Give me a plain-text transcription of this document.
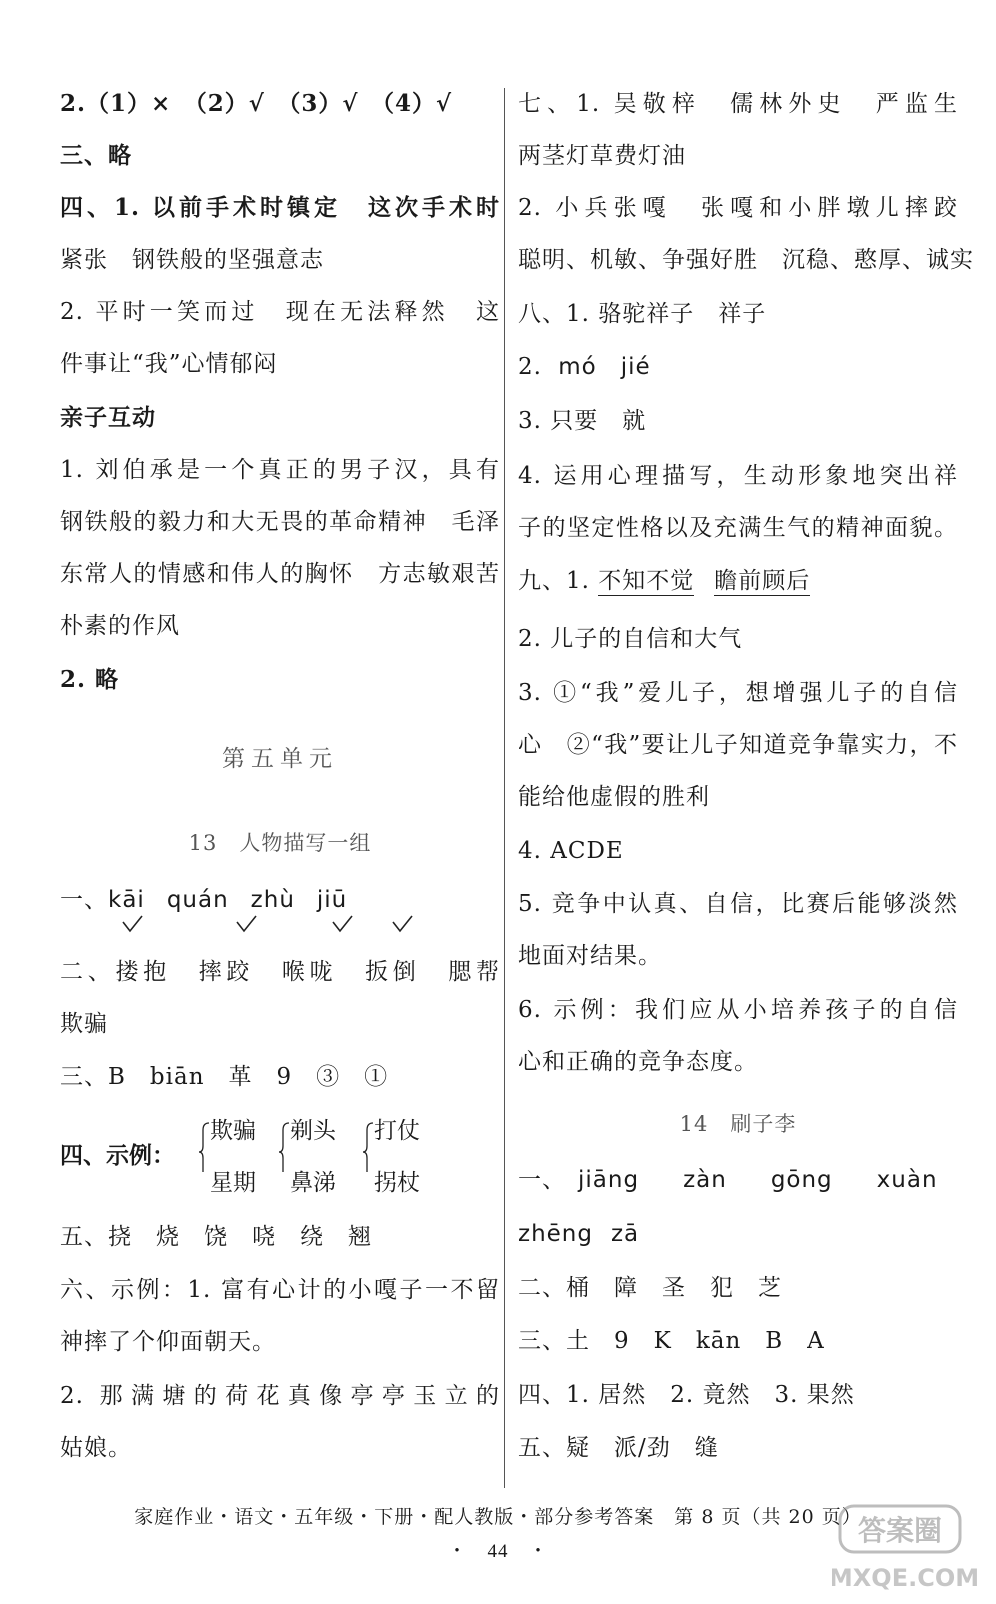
2.（1）×　（2）√　（3）√　（4）√
三、略
四、1. 以前手术时镇定　这次手术时
紧张　钢铁般的坚强意志
2. 平时一笑而过　现在无法释然　这
件事让“我”心情郁闷
亲子互动
1. 刘伯承是一个真正的男子汉，具有
钢铁般的毅力和大无畏的革命精神　毛泽
东常人的情感和伟人的胸怀　方志敏艰苦
朴素的作风
2. 略
第五单元
13　人物描写一组
一、kāi quán zhù jiū
二、搂抱　摔跤　喉咙　扳倒　腮帮
欺骗
三、B　biān　革　9　③　①
四、示例：
欺骗
星期
剃头
鼻涕
打仗
拐杖
五、挠　烧　饶　哓　绕　翘
六、示例：1. 富有心计的小嘎子一不留
神摔了个仰面朝天。
2. 那满塘的荷花真像亭亭玉立的
姑娘。
七、1. 吴敬梓　儒林外史　严监生
两茎灯草费灯油
2. 小兵张嘎　张嘎和小胖墩儿摔跤
聪明、机敏、争强好胜　沉稳、憨厚、诚实
八、1. 骆驼祥子　祥子
2. mó jié
3. 只要　就
4. 运用心理描写，生动形象地突出祥
子的坚定性格以及充满生气的精神面貌。
九、1. 不知不觉 瞻前顾后
2. 儿子的自信和大气
3. ①“我”爱儿子，想增强儿子的自信
心　②“我”要让儿子知道竞争靠实力，不
能给他虚假的胜利
4. ACDE
5. 竞争中认真、自信，比赛后能够淡然
地面对结果。
6. 示例：我们应从小培养孩子的自信
心和正确的竞争态度。
14　刷子李
一、 jiāng zàn gōng xuàn
zhēng zā
二、桶　障　圣　犯　芝
三、土　9　K　kān　B　A
四、1. 居然　2. 竟然　3. 果然
五、疑　派/劲　缝
家庭作业・语文・五年级・下册・配人教版・部分参考答案　第 8 页（共 20 页）
・　44　・
答案圈
MXQE.COM
